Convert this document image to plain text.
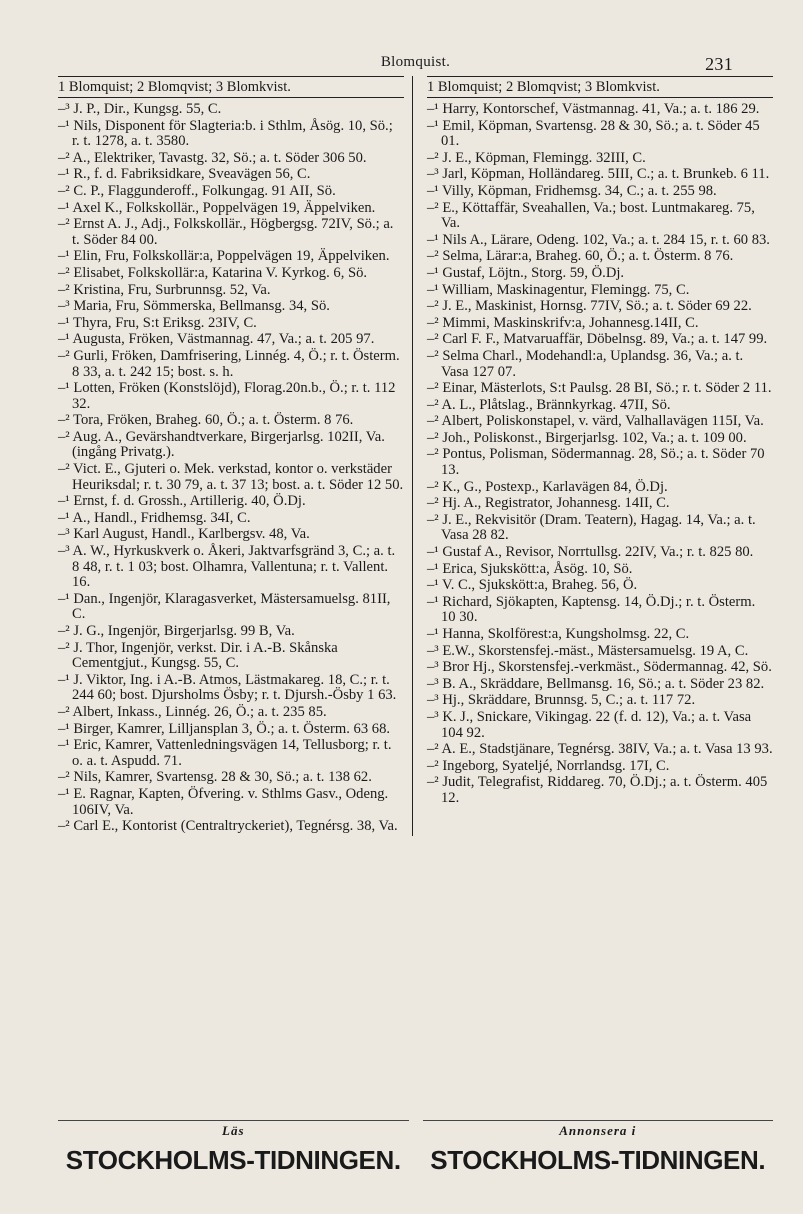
Blomquist.	231
1 Blomquist; 2 Blomqvist; 3 Blomkvist.
–³ J. P., Dir., Kungsg. 55, C.
–¹ Nils, Disponent för Slagteria:b. i Sthlm, Åsög. 10, Sö.; r. t. 1278, a. t. 3580.
–² A., Elektriker, Tavastg. 32, Sö.; a. t. Söder 306 50.
–¹ R., f. d. Fabriksidkare, Sveavägen 56, C.
–² C. P., Flaggunderoff., Folkungag. 91 AII, Sö.
–¹ Axel K., Folkskollär., Poppelvägen 19, Äppelviken.
–² Ernst A. J., Adj., Folkskollär., Högbergsg. 72IV, Sö.; a. t. Söder 84 00.
–¹ Elin, Fru, Folkskollär:a, Poppelvägen 19, Äppelviken.
–² Elisabet, Folkskollär:a, Katarina V. Kyrkog. 6, Sö.
–² Kristina, Fru, Surbrunnsg. 52, Va.
–³ Maria, Fru, Sömmerska, Bellmansg. 34, Sö.
–¹ Thyra, Fru, S:t Eriksg. 23IV, C.
–¹ Augusta, Fröken, Västmannag. 47, Va.; a. t. 205 97.
–² Gurli, Fröken, Damfrisering, Linnég. 4, Ö.; r. t. Österm. 8 33, a. t. 242 15; bost. s. h.
–¹ Lotten, Fröken (Konstslöjd), Florag.20n.b., Ö.; r. t. 112 32.
–² Tora, Fröken, Braheg. 60, Ö.; a. t. Österm. 8 76.
–² Aug. A., Gevärshandtverkare, Birgerjarlsg. 102II, Va. (ingång Privatg.).
–² Vict. E., Gjuteri o. Mek. verkstad, kontor o. verkstäder Heuriksdal; r. t. 30 79, a. t. 37 13; bost. a. t. Söder 12 50.
–¹ Ernst, f. d. Grossh., Artillerig. 40, Ö.Dj.
–¹ A., Handl., Fridhemsg. 34I, C.
–³ Karl August, Handl., Karlbergsv. 48, Va.
–³ A. W., Hyrkuskverk o. Åkeri, Jaktvarfsgränd 3, C.; a. t. 8 48, r. t. 1 03; bost. Olhamra, Vallentuna; r. t. Vallent. 16.
–¹ Dan., Ingenjör, Klaragasverket, Mästersamuelsg. 81II, C.
–² J. G., Ingenjör, Birgerjarlsg. 99 B, Va.
–² J. Thor, Ingenjör, verkst. Dir. i A.-B. Skånska Cementgjut., Kungsg. 55, C.
–¹ J. Viktor, Ing. i A.-B. Atmos, Lästmakareg. 18, C.; r. t. 244 60; bost. Djursholms Ösby; r. t. Djursh.-Ösby 1 63.
–² Albert, Inkass., Linnég. 26, Ö.; a. t. 235 85.
–¹ Birger, Kamrer, Lilljansplan 3, Ö.; a. t. Österm. 63 68.
–¹ Eric, Kamrer, Vattenledningsvägen 14, Tellusborg; r. t. o. a. t. Aspudd. 71.
–² Nils, Kamrer, Svartensg. 28 & 30, Sö.; a. t. 138 62.
–¹ E. Ragnar, Kapten, Öfvering. v. Sthlms Gasv., Odeng. 106IV, Va.
–² Carl E., Kontorist (Centraltryckeriet), Tegnérsg. 38, Va.
1 Blomquist; 2 Blomqvist; 3 Blomkvist.
–¹ Harry, Kontorschef, Västmannag. 41, Va.; a. t. 186 29.
–¹ Emil, Köpman, Svartensg. 28 & 30, Sö.; a. t. Söder 45 01.
–² J. E., Köpman, Flemingg. 32III, C.
–³ Jarl, Köpman, Holländareg. 5III, C.; a. t. Brunkeb. 6 11.
–¹ Villy, Köpman, Fridhemsg. 34, C.; a. t. 255 98.
–² E., Köttaffär, Sveahallen, Va.; bost. Luntmakareg. 75, Va.
–¹ Nils A., Lärare, Odeng. 102, Va.; a. t. 284 15, r. t. 60 83.
–² Selma, Lärar:a, Braheg. 60, Ö.; a. t. Österm. 8 76.
–¹ Gustaf, Löjtn., Storg. 59, Ö.Dj.
–¹ William, Maskinagentur, Flemingg. 75, C.
–² J. E., Maskinist, Hornsg. 77IV, Sö.; a. t. Söder 69 22.
–² Mimmi, Maskinskrifv:a, Johannesg.14II, C.
–² Carl F. F., Matvaruaffär, Döbelnsg. 89, Va.; a. t. 147 99.
–² Selma Charl., Modehandl:a, Uplandsg. 36, Va.; a. t. Vasa 127 07.
–² Einar, Mästerlots, S:t Paulsg. 28 BI, Sö.; r. t. Söder 2 11.
–² A. L., Plåtslag., Brännkyrkag. 47II, Sö.
–² Albert, Poliskonstapel, v. värd, Valhallavägen 115I, Va.
–² Joh., Poliskonst., Birgerjarlsg. 102, Va.; a. t. 109 00.
–² Pontus, Polisman, Södermannag. 28, Sö.; a. t. Söder 70 13.
–² K., G., Postexp., Karlavägen 84, Ö.Dj.
–² Hj. A., Registrator, Johannesg. 14II, C.
–² J. E., Rekvisitör (Dram. Teatern), Hagag. 14, Va.; a. t. Vasa 28 82.
–¹ Gustaf A., Revisor, Norrtullsg. 22IV, Va.; r. t. 825 80.
–¹ Erica, Sjukskött:a, Åsög. 10, Sö.
–¹ V. C., Sjukskött:a, Braheg. 56, Ö.
–¹ Richard, Sjökapten, Kaptensg. 14, Ö.Dj.; r. t. Österm. 10 30.
–¹ Hanna, Skolförest:a, Kungsholmsg. 22, C.
–³ E.W., Skorstensfej.-mäst., Mästersamuelsg. 19 A, C.
–³ Bror Hj., Skorstensfej.-verkmäst., Södermannag. 42, Sö.
–³ B. A., Skräddare, Bellmansg. 16, Sö.; a. t. Söder 23 82.
–³ Hj., Skräddare, Brunnsg. 5, C.; a. t. 117 72.
–³ K. J., Snickare, Vikingag. 22 (f. d. 12), Va.; a. t. Vasa 104 92.
–² A. E., Stadstjänare, Tegnérsg. 38IV, Va.; a. t. Vasa 13 93.
–² Ingeborg, Syateljé, Norrlandsg. 17I, C.
–² Judit, Telegrafist, Riddareg. 70, Ö.Dj.; a. t. Österm. 405 12.
Läs
STOCKHOLMS-TIDNINGEN.
Annonsera i
STOCKHOLMS-TIDNINGEN.
